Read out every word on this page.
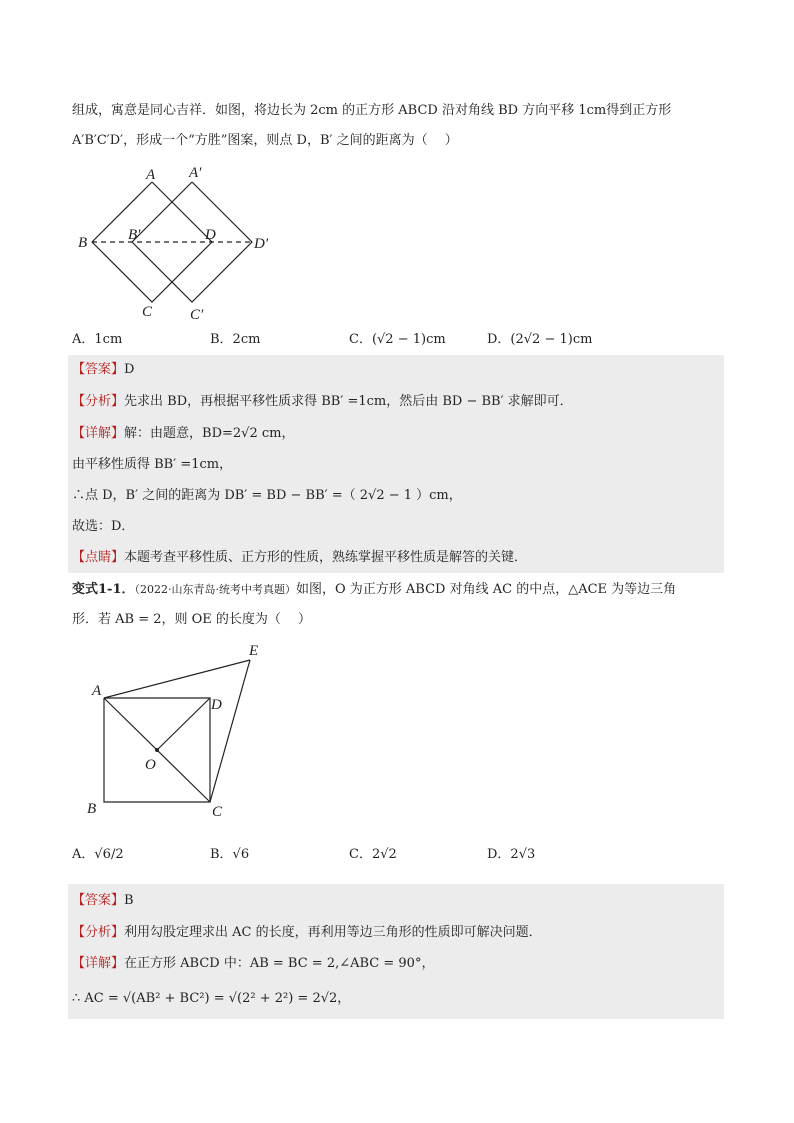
组成，寓意是同心吉祥．如图，将边长为 2cm 的正方形 ABCD 沿对角线 BD 方向平移 1cm得到正方形
A′B′C′D′，形成一个“方胜”图案，则点 D，B′ 之间的距离为（　 ）
A A′
B	B′	D
D′
C	C′
A．1cm	B．2cm	C．(√2 − 1)cm	D．(2√2 − 1)cm
【答案】D
【分析】先求出 BD，再根据平移性质求得 BB′ =1cm，然后由 BD − BB′ 求解即可．
【详解】解：由题意，BD=2√2 cm，
由平移性质得 BB′ =1cm，
∴点 D，B′ 之间的距离为 DB′ = BD − BB′ =（ 2√2 − 1 ）cm，
故选：D．
【点睛】本题考查平移性质、正方形的性质，熟练掌握平移性质是解答的关键．
变式1-1．（2022·山东青岛·统考中考真题）如图，O 为正方形 ABCD 对角线 AC 的中点，△ACE 为等边三角
形．若 AB = 2，则 OE 的长度为（　 ）
E
A
D
O
B	C
A．√6/2	B．√6	C．2√2	D．2√3
【答案】B
【分析】利用勾股定理求出 AC 的长度，再利用等边三角形的性质即可解决问题．
【详解】在正方形 ABCD 中：AB = BC = 2,∠ABC = 90°，
∴ AC = √(AB² + BC²) = √(2² + 2²) = 2√2，
